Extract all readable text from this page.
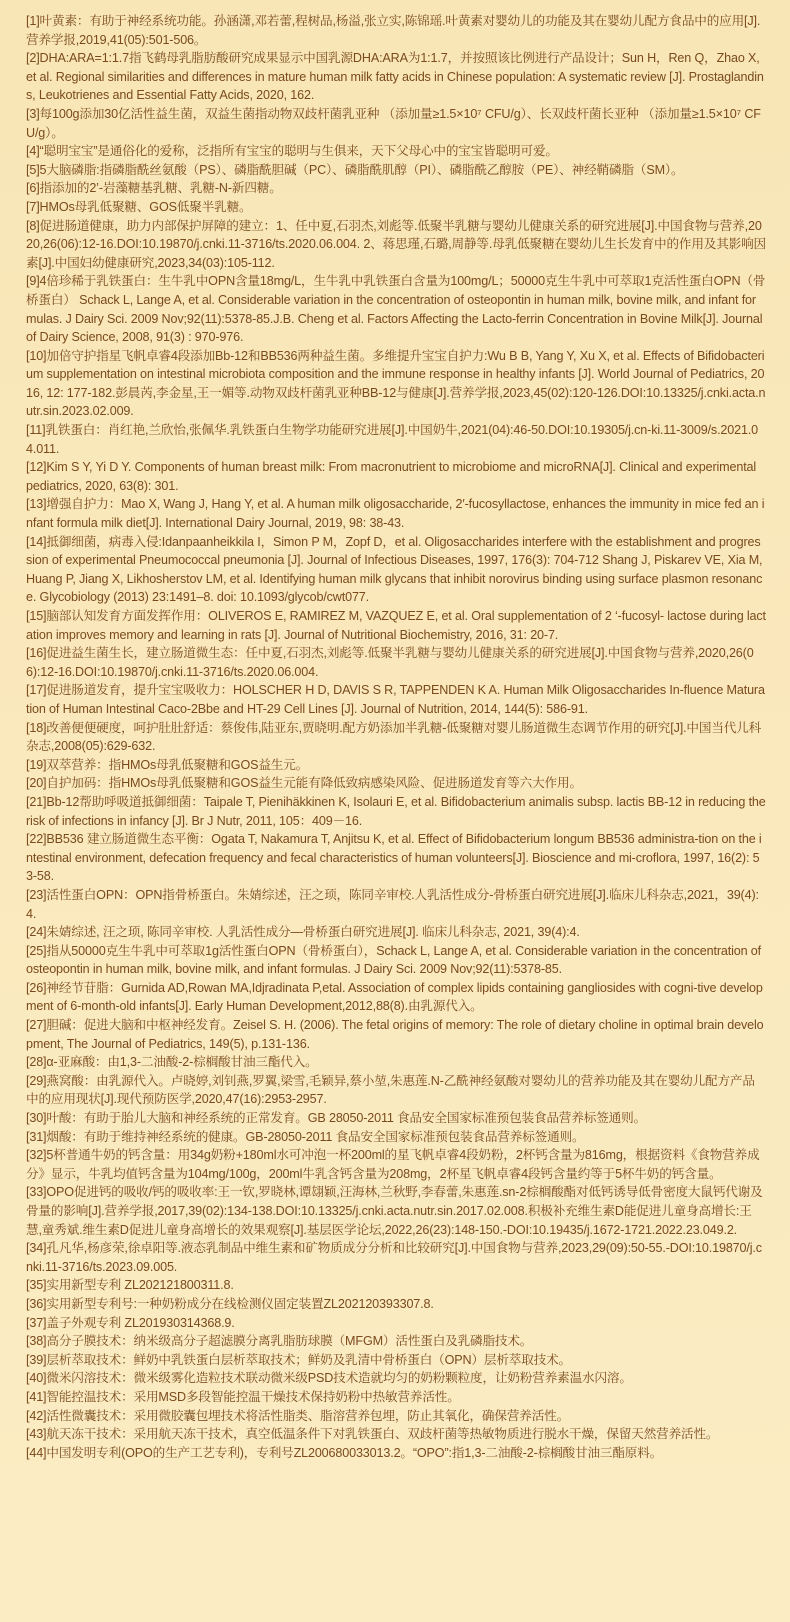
[1]叶黄素：有助于神经系统功能。孙涵潇,邓若蕾,程树品,杨溢,张立实,陈锦瑶.叶黄素对婴幼儿的功能及其在婴幼儿配方食品中的应用[J].营养学报,2019,41(05):501-506。

[2]DHA:ARA=1:1.7指飞鹤母乳脂肪酸研究成果显示中国乳源DHA:ARA为1:1.7，并按照该比例进行产品设计；Sun H，Ren Q，Zhao X, et al. Regional similarities and differences in mature human milk fatty acids in Chinese population: A systematic review [J]. Prostaglandins, Leukotrienes and Essential Fatty Acids, 2020, 162.

[3]每100g添加30亿活性益生菌，双益生菌指动物双歧杆菌乳亚种 （添加量≥1.5×10⁷ CFU/g）、长双歧杆菌长亚种 （添加量≥1.5×10⁷ CFU/g）。

[4]“聪明宝宝”是通俗化的爱称，泛指所有宝宝的聪明与生俱来，天下父母心中的宝宝皆聪明可爱。

[5]5大脑磷脂:指磷脂酰丝氨酸（PS）、磷脂酰胆碱（PC）、磷脂酰肌醇（PI）、磷脂酰乙醇胺（PE）、神经鞘磷脂（SM）。

[6]指添加的2’-岩藻糖基乳糖、乳糖-N-新四糖。

[7]HMOs母乳低聚糖、GOS低聚半乳糖。

[8]促进肠道健康，助力内部保护屏障的建立：1、任中夏,石羽杰,刘彪等.低聚半乳糖与婴幼儿健康关系的研究进展[J].中国食物与营养,2020,26(06):12-16.DOI:10.19870/j.cnki.11-3716/ts.2020.06.004. 2、蒋思瑾,石璐,周静等.母乳低聚糖在婴幼儿生长发育中的作用及其影响因素[J].中国妇幼健康研究,2023,34(03):105-112.

[9]4倍珍稀于乳铁蛋白：生牛乳中OPN含量18mg/L，生牛乳中乳铁蛋白含量为100mg/L；50000克生牛乳中可萃取1克活性蛋白OPN（骨桥蛋白） Schack L, Lange A, et al. Considerable variation in the concentration of osteopontin in human milk, bovine milk, and infant formulas. J Dairy Sci. 2009 Nov;92(11):5378-85.J.B. Cheng et al. Factors Affecting the Lacto-ferrin Concentration in Bovine Milk[J]. Journal of Dairy Science, 2008, 91(3) : 970-976.

[10]加倍守护指星飞帆卓睿4段添加Bb-12和BB536两种益生菌。多维提升宝宝自护力:Wu B B, Yang Y, Xu X, et al. Effects of Bifidobacterium supplementation on intestinal microbiota composition and the immune response in healthy infants [J]. World Journal of Pediatrics, 2016, 12: 177-182.彭晨芮,李金星,王一媚等.动物双歧杆菌乳亚种BB-12与健康[J].营养学报,2023,45(02):120-126.DOI:10.13325/j.cnki.acta.nutr.sin.2023.02.009.

[11]乳铁蛋白：肖红艳,兰欣怡,张佩华.乳铁蛋白生物学功能研究进展[J].中国奶牛,2021(04):46-50.DOI:10.19305/j.cn-ki.11-3009/s.2021.04.011.

[12]Kim S Y, Yi D Y. Components of human breast milk: From macronutrient to microbiome and microRNA[J]. Clinical and experimental pediatrics, 2020, 63(8): 301.

[13]增强自护力：Mao X, Wang J, Hang Y, et al. A human milk oligosaccharide, 2′-fucosyllactose, enhances the immunity in mice fed an infant formula milk diet[J]. International Dairy Journal, 2019, 98: 38-43.

[14]抵御细菌，病毒入侵:Idanpaanheikkila I，Simon P M，Zopf D，et al. Oligosaccharides interfere with the establishment and progression of experimental Pneumococcal pneumonia [J]. Journal of Infectious Diseases, 1997, 176(3): 704-712 Shang J, Piskarev VE, Xia M, Huang P, Jiang X, Likhosherstov LM, et al. Identifying human milk glycans that inhibit norovirus binding using surface plasmon resonance. Glycobiology (2013) 23:1491–8. doi: 10.1093/glycob/cwt077.

[15]脑部认知发育方面发挥作用：OLIVEROS E, RAMIREZ M, VAZQUEZ E, et al. Oral supplementation of 2 ‘-fucosyl- lactose during lactation improves memory and learning in rats [J]. Journal of Nutritional Biochemistry, 2016, 31: 20-7.

[16]促进益生菌生长，建立肠道微生态：任中夏,石羽杰,刘彪等.低聚半乳糖与婴幼儿健康关系的研究进展[J].中国食物与营养,2020,26(06):12-16.DOI:10.19870/j.cnki.11-3716/ts.2020.06.004.

[17]促进肠道发育，提升宝宝吸收力：HOLSCHER H D, DAVIS S R, TAPPENDEN K A. Human Milk Oligosaccharides In-fluence Maturation of Human Intestinal Caco-2Bbe and HT-29 Cell Lines [J]. Journal of Nutrition, 2014, 144(5): 586-91.

[18]改善便便硬度，呵护肚肚舒适：蔡俊伟,陆亚东,贾晓明.配方奶添加半乳糖-低聚糖对婴儿肠道微生态调节作用的研究[J].中国当代儿科杂志,2008(05):629-632.

[19]双萃营养：指HMOs母乳低聚糖和GOS益生元。

[20]自护加码：指HMOs母乳低聚糖和GOS益生元能有降低致病感染风险、促进肠道发育等六大作用。

[21]Bb-12帮助呼吸道抵御细菌：Taipale T, Pienihäkkinen K, Isolauri E, et al. Bifidobacterium animalis subsp. lactis BB-12 in reducing the risk of infections in infancy [J]. Br J Nutr, 2011, 105：409－16.

[22]BB536 建立肠道微生态平衡：Ogata T, Nakamura T, Anjitsu K, et al. Effect of Bifidobacterium longum BB536 administra-tion on the intestinal environment, defecation frequency and fecal characteristics of human volunteers[J]. Bioscience and mi-croflora, 1997, 16(2): 53-58.

[23]活性蛋白OPN：OPN指骨桥蛋白。朱婧综述，汪之顼，陈同辛审校.人乳活性成分-骨桥蛋白研究进展[J].临床儿科杂志,2021，39(4):4.

[24]朱婧综述, 汪之顼, 陈同辛审校. 人乳活性成分—骨桥蛋白研究进展[J]. 临床儿科杂志, 2021, 39(4):4.

[25]指从50000克生牛乳中可萃取1g活性蛋白OPN（骨桥蛋白），Schack L, Lange A, et al. Considerable variation in the concentration of osteopontin in human milk, bovine milk, and infant formulas. J Dairy Sci. 2009 Nov;92(11):5378-85.

[26]神经节苷脂：Gurnida AD,Rowan MA,Idjradinata P,etal. Association of complex lipids containing gangliosides with cogni-tive development of 6-month-old infants[J]. Early Human Development,2012,88(8).由乳源代入。

[27]胆碱：促进大脑和中枢神经发育。Zeisel S. H. (2006). The fetal origins of memory: The role of dietary choline in optimal brain development, The Journal of Pediatrics, 149(5), p.131-136.

[28]α-亚麻酸：由1,3-二油酸-2-棕榈酸甘油三酯代入。

[29]燕窝酸：由乳源代入。卢晓婷,刘钊燕,罗翼,梁雪,毛颖异,蔡小堃,朱惠莲.N-乙酰神经氨酸对婴幼儿的营养功能及其在婴幼儿配方产品中的应用现状[J].现代预防医学,2020,47(16):2953-2957.

[30]叶酸：有助于胎儿大脑和神经系统的正常发育。GB 28050-2011 食品安全国家标准预包装食品营养标签通则。

[31]烟酸：有助于维持神经系统的健康。GB-28050-2011 食品安全国家标准预包装食品营养标签通则。

[32]5杯普通牛奶的钙含量：用34g奶粉+180ml水可冲泡一杯200ml的星飞帆卓睿4段奶粉，2杯钙含量为816mg，根据资料《食物营养成分》显示，牛乳均值钙含量为104mg/100g，200ml牛乳含钙含量为208mg，2杯星飞帆卓睿4段钙含量约等于5杯牛奶的钙含量。

[33]OPO促进钙的吸收/钙的吸收率:王一钦,罗晓林,谭翃颖,汪海林,兰秋野,李春蕾,朱惠莲.sn-2棕榈酸酯对低钙诱导低骨密度大鼠钙代谢及骨量的影响[J].营养学报,2017,39(02):134-138.DOI:10.13325/j.cnki.acta.nutr.sin.2017.02.008.积极补充维生素D能促进儿童身高增长:王慧,童秀斌.维生素D促进儿童身高增长的效果观察[J].基层医学论坛,2022,26(23):148-150.-DOI:10.19435/j.1672-1721.2022.23.049.2.

[34]孔凡华,杨彦荣,徐卓阳等.液态乳制品中维生素和矿物质成分分析和比较研究[J].中国食物与营养,2023,29(09):50-55.-DOI:10.19870/j.cnki.11-3716/ts.2023.09.005.

[35]实用新型专利 ZL202121800311.8.

[36]实用新型专利号:一种奶粉成分在线检测仪固定装置ZL202120393307.8.

[37]盖子外观专利 ZL201930314368.9.

[38]高分子膜技术：纳米级高分子超滤膜分离乳脂肪球膜（MFGM）活性蛋白及乳磷脂技术。

[39]层析萃取技术：鲜奶中乳铁蛋白层析萃取技术；鲜奶及乳清中骨桥蛋白（OPN）层析萃取技术。

[40]微米闪溶技术：微米级雾化造粒技术联动微米级PSD技术造就均匀的奶粉颗粒度，让奶粉营养素温水闪溶。

[41]智能控温技术：采用MSD多段智能控温干燥技术保持奶粉中热敏营养活性。

[42]活性微囊技术：采用微胶囊包埋技术将活性脂类、脂溶营养包埋，防止其氧化，确保营养活性。

[43]航天冻干技术：采用航天冻干技术，真空低温条件下对乳铁蛋白、双歧杆菌等热敏物质进行脱水干燥，保留天然营养活性。

[44]中国发明专利(OPO的生产工艺专利)，专利号ZL200680033013.2。“OPO”:指1,3-二油酸-2-棕榈酸甘油三酯原料。
